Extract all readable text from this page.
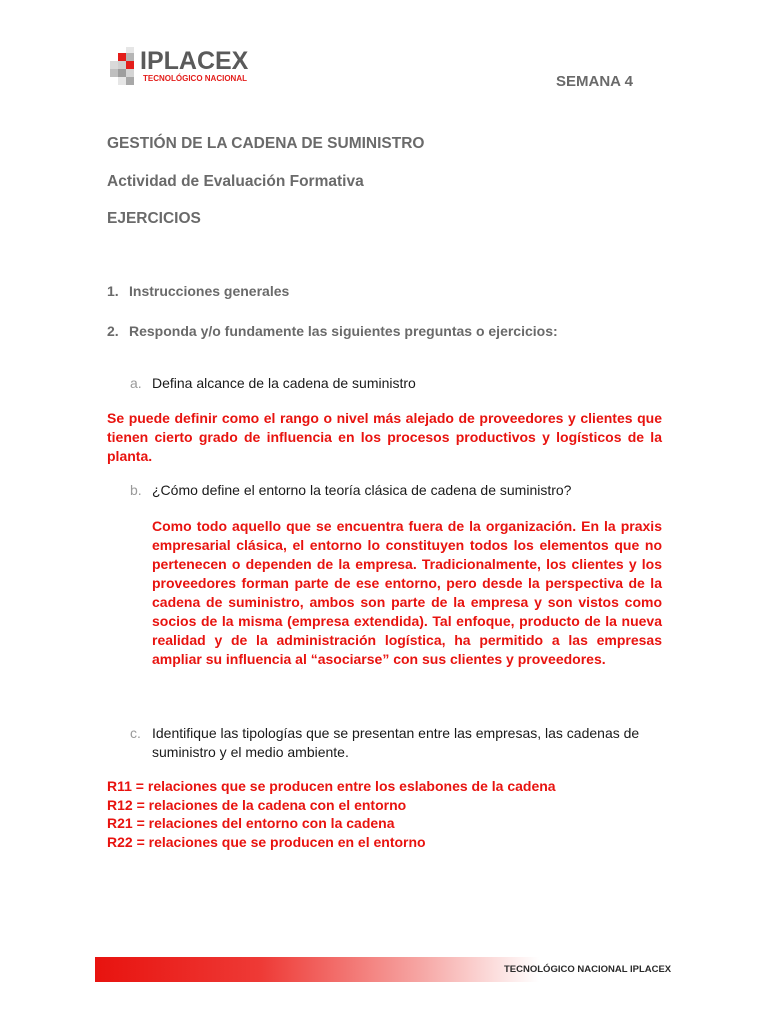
IPLACEX
TECNOLÓGICO NACIONAL	SEMANA 4
GESTIÓN DE LA CADENA DE SUMINISTRO
Actividad de Evaluación Formativa
EJERCICIOS
1. Instrucciones generales
2. Responda y/o fundamente las siguientes preguntas o ejercicios:
a. Defina alcance de la cadena de suministro
Se puede definir como el rango o nivel más alejado de proveedores y clientes que tienen cierto grado de influencia en los procesos productivos y logísticos de la planta.
b. ¿Cómo define el entorno la teoría clásica de cadena de suministro?
Como todo aquello que se encuentra fuera de la organización. En la praxis empresarial clásica, el entorno lo constituyen todos los elementos que no pertenecen o dependen de la empresa. Tradicionalmente, los clientes y los proveedores forman parte de ese entorno, pero desde la perspectiva de la cadena de suministro, ambos son parte de la empresa y son vistos como socios de la misma (empresa extendida). Tal enfoque, producto de la nueva realidad y de la administración logística, ha permitido a las empresas ampliar su influencia al “asociarse” con sus clientes y proveedores.
c. Identifique las tipologías que se presentan entre las empresas, las cadenas de suministro y el medio ambiente.
R11 = relaciones que se producen entre los eslabones de la cadena
R12 = relaciones de la cadena con el entorno
R21 = relaciones del entorno con la cadena
R22 = relaciones que se producen en el entorno
TECNOLÓGICO NACIONAL IPLACEX
